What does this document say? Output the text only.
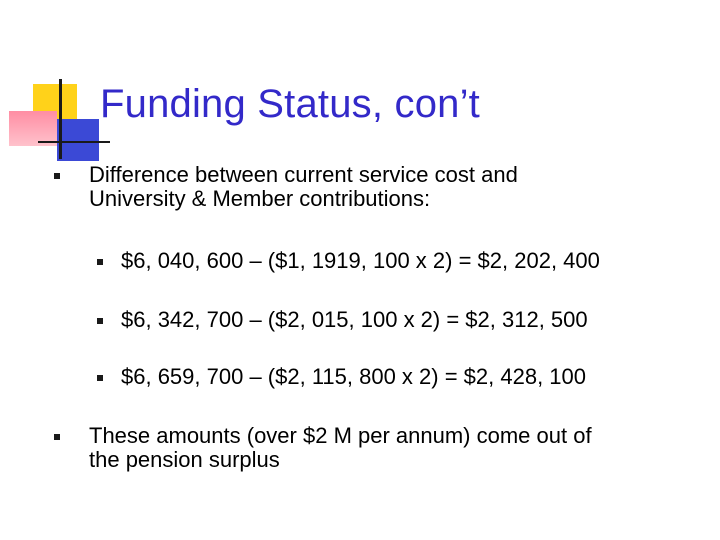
Funding Status, con’t
Difference between current service cost and
University & Member contributions:
$6, 040, 600 – ($1, 1919, 100 x 2) = $2, 202, 400
$6, 342, 700 – ($2, 015, 100 x 2) = $2, 312, 500
$6, 659, 700 – ($2, 115, 800 x 2) = $2, 428, 100
These amounts (over $2 M per annum) come out of
the pension surplus
